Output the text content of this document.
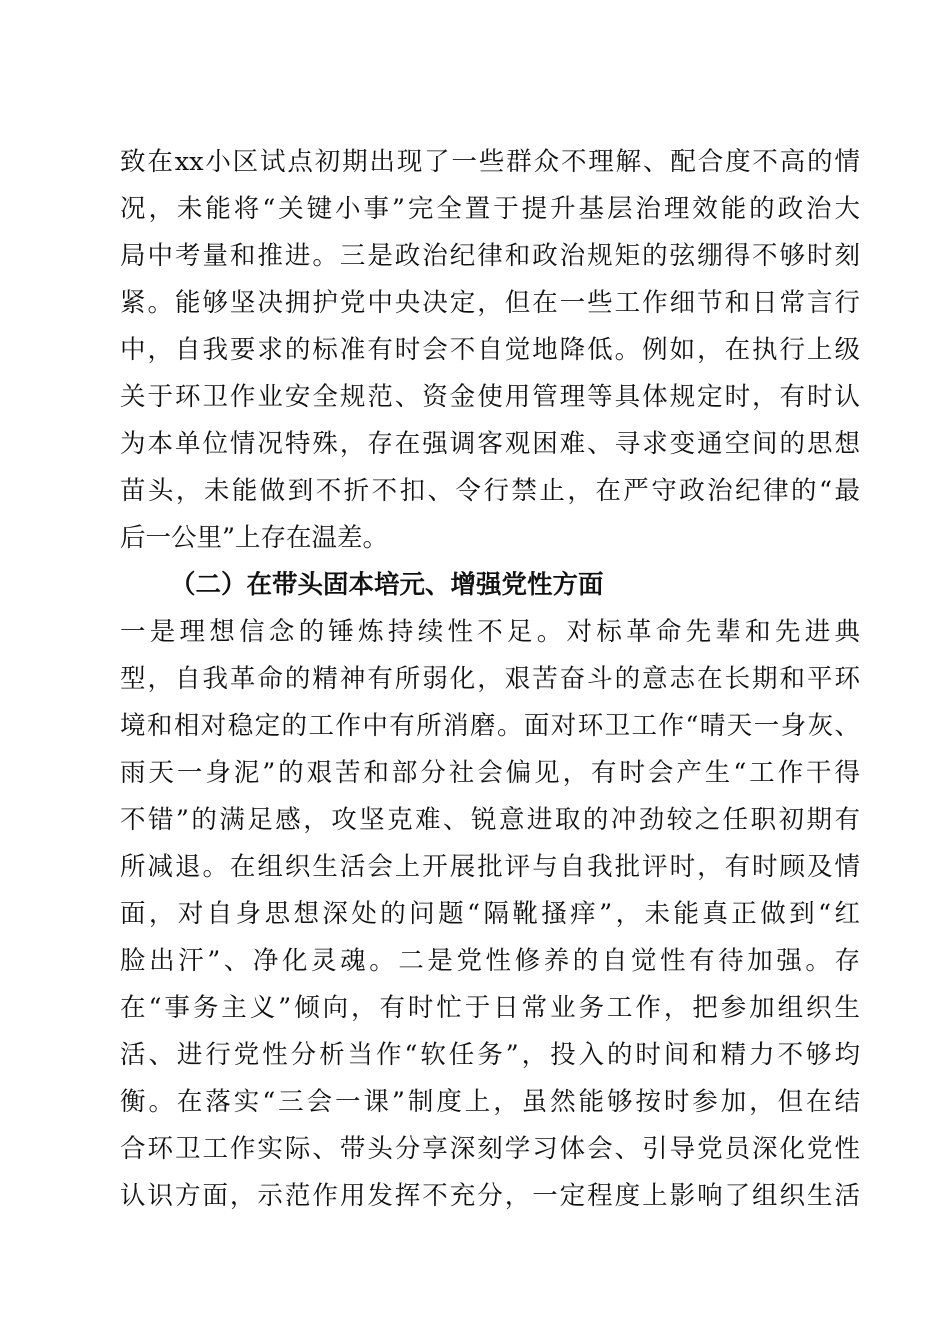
致在xx小区试点初期出现了一些群众不理解、配合度不高的情
况，未能将“关键小事”完全置于提升基层治理效能的政治大
局中考量和推进。三是政治纪律和政治规矩的弦绷得不够时刻
紧。能够坚决拥护党中央决定，但在一些工作细节和日常言行
中，自我要求的标准有时会不自觉地降低。例如，在执行上级
关于环卫作业安全规范、资金使用管理等具体规定时，有时认
为本单位情况特殊，存在强调客观困难、寻求变通空间的思想
苗头，未能做到不折不扣、令行禁止，在严守政治纪律的“最
后一公里”上存在温差。
（二）在带头固本培元、增强党性方面
一是理想信念的锤炼持续性不足。对标革命先辈和先进典
型，自我革命的精神有所弱化，艰苦奋斗的意志在长期和平环
境和相对稳定的工作中有所消磨。面对环卫工作“晴天一身灰、
雨天一身泥”的艰苦和部分社会偏见，有时会产生“工作干得
不错”的满足感，攻坚克难、锐意进取的冲劲较之任职初期有
所减退。在组织生活会上开展批评与自我批评时，有时顾及情
面，对自身思想深处的问题“隔靴搔痒”，未能真正做到“红
脸出汗”、净化灵魂。二是党性修养的自觉性有待加强。存
在“事务主义”倾向，有时忙于日常业务工作，把参加组织生
活、进行党性分析当作“软任务”，投入的时间和精力不够均
衡。在落实“三会一课”制度上，虽然能够按时参加，但在结
合环卫工作实际、带头分享深刻学习体会、引导党员深化党性
认识方面，示范作用发挥不充分，一定程度上影响了组织生活
